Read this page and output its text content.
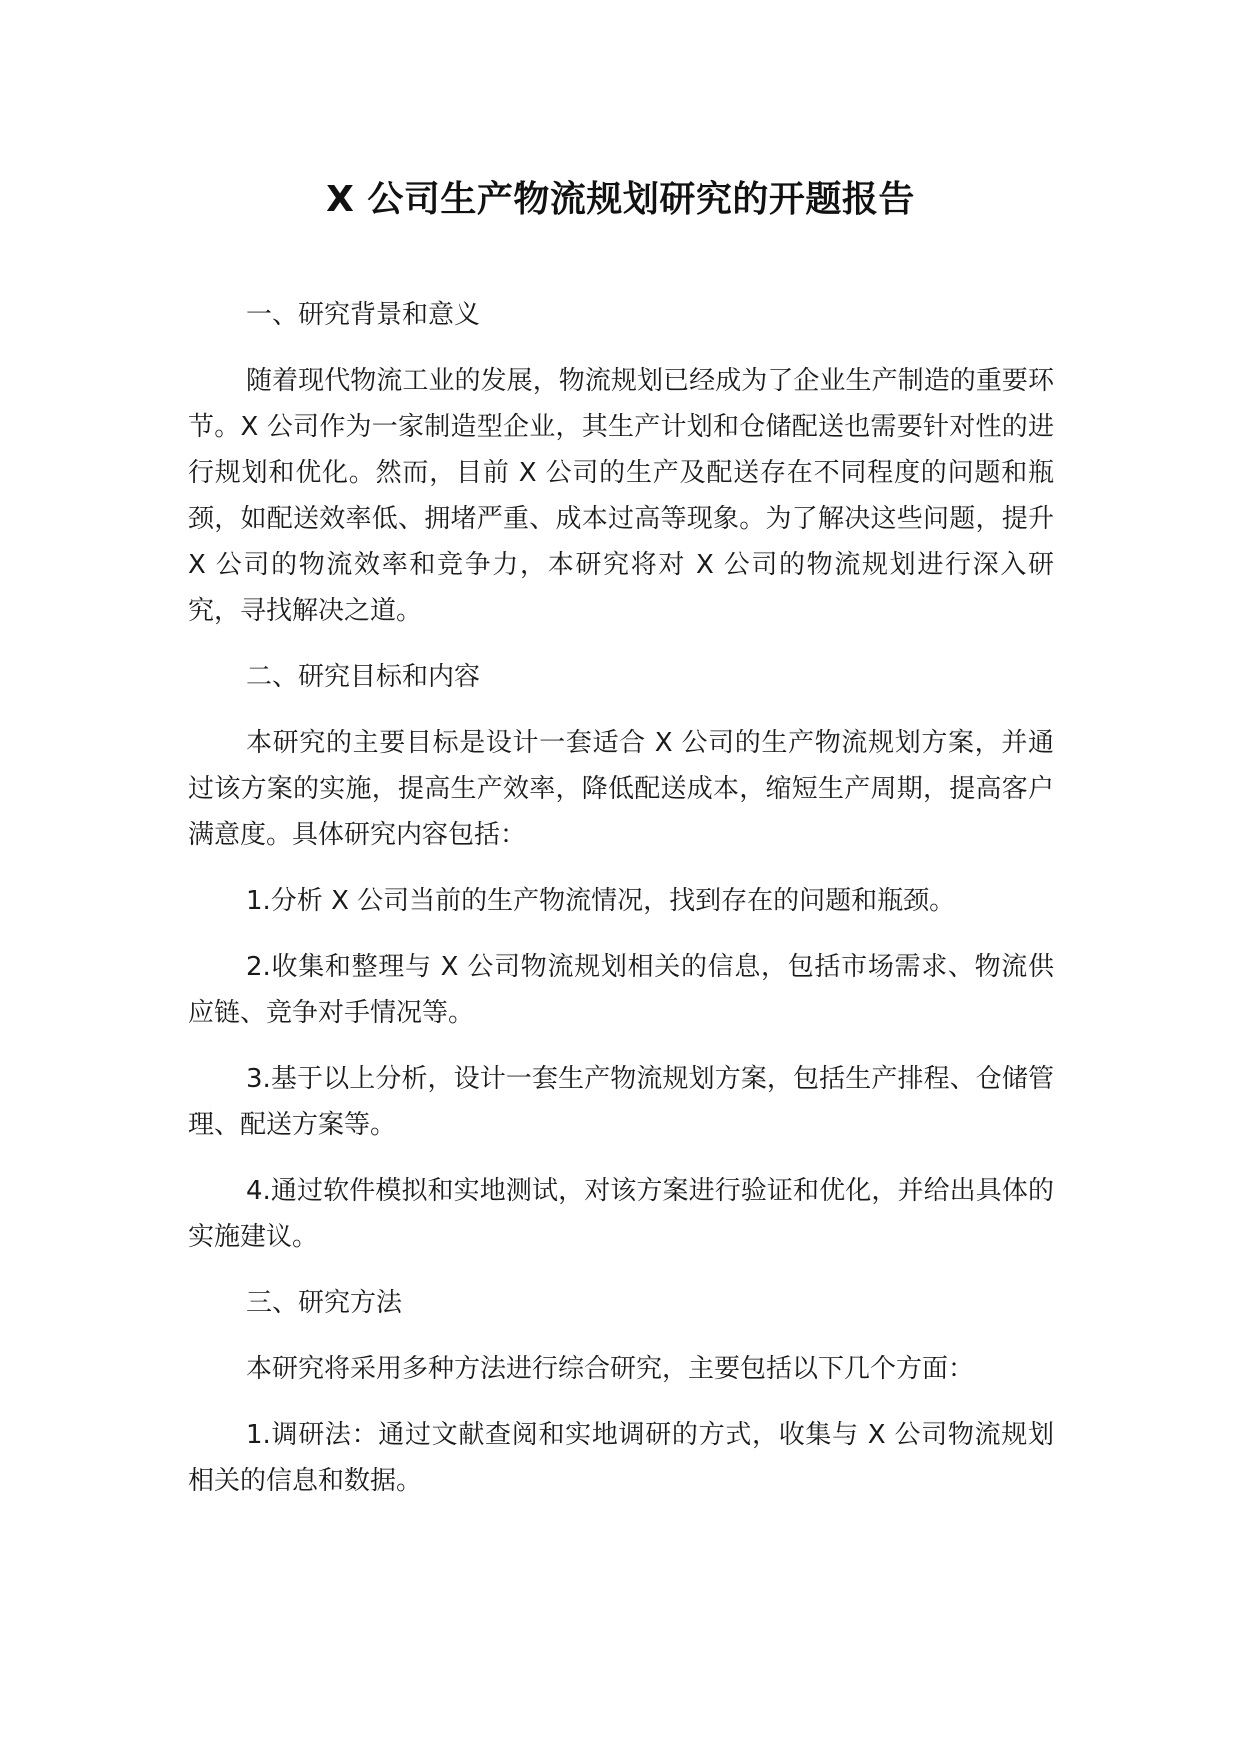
X 公司生产物流规划研究的开题报告

一、研究背景和意义

随着现代物流工业的发展，物流规划已经成为了企业生产制造的重要环节。X 公司作为一家制造型企业，其生产计划和仓储配送也需要针对性的进行规划和优化。然而，目前 X 公司的生产及配送存在不同程度的问题和瓶颈，如配送效率低、拥堵严重、成本过高等现象。为了解决这些问题，提升 X 公司的物流效率和竞争力，本研究将对 X 公司的物流规划进行深入研究，寻找解决之道。

二、研究目标和内容

本研究的主要目标是设计一套适合 X 公司的生产物流规划方案，并通过该方案的实施，提高生产效率，降低配送成本，缩短生产周期，提高客户满意度。具体研究内容包括：

1.分析 X 公司当前的生产物流情况，找到存在的问题和瓶颈。

2.收集和整理与 X 公司物流规划相关的信息，包括市场需求、物流供应链、竞争对手情况等。

3.基于以上分析，设计一套生产物流规划方案，包括生产排程、仓储管理、配送方案等。

4.通过软件模拟和实地测试，对该方案进行验证和优化，并给出具体的实施建议。

三、研究方法

本研究将采用多种方法进行综合研究，主要包括以下几个方面：

1.调研法：通过文献查阅和实地调研的方式，收集与 X 公司物流规划相关的信息和数据。
